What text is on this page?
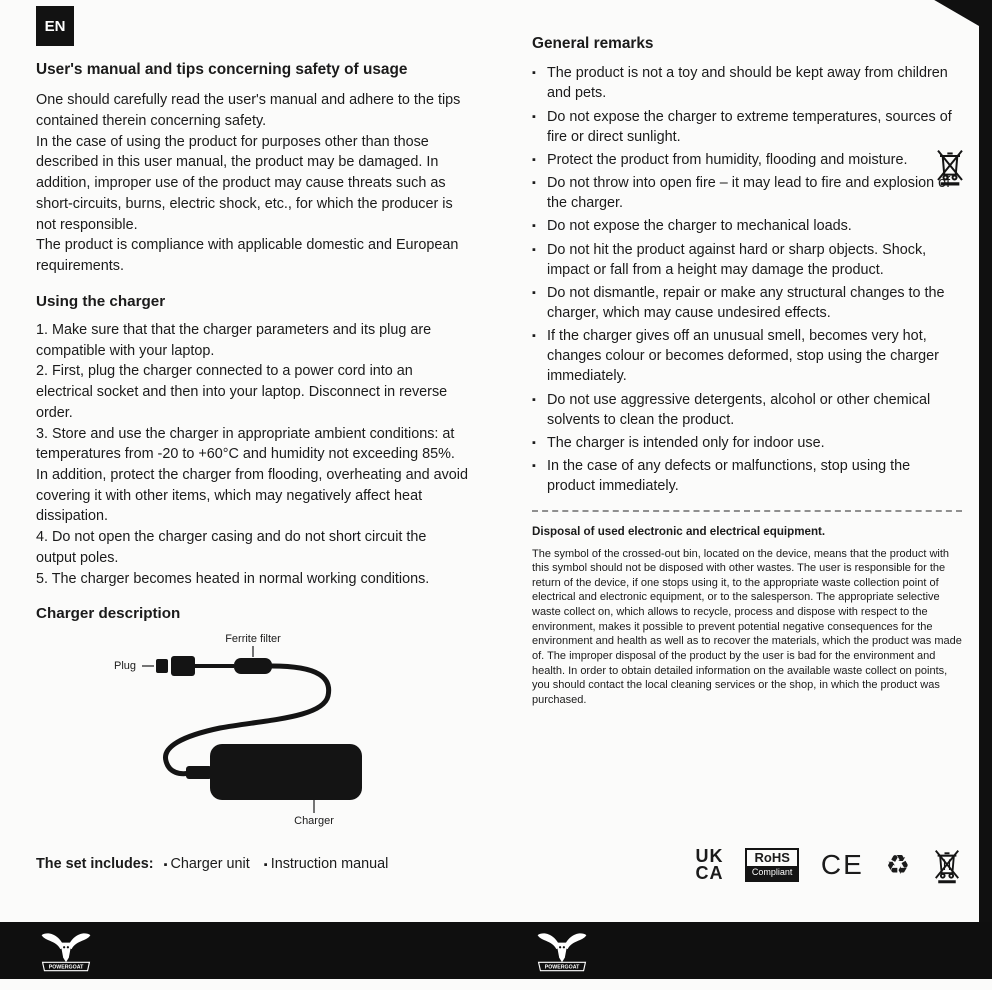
EN
User's manual and tips concerning safety of usage

One should carefully read the user's manual and adhere to the tips contained therein concerning safety.

In the case of using the product for purposes other than those described in this user manual, the product may be damaged. In addition, improper use of the product may cause threats such as short-circuits, burns, electric shock, etc., for which the producer is not responsible.

The product is compliance with applicable domestic and European requirements.

Using the charger

1. Make sure that that the charger parameters and its plug are compatible with your laptop.

2. First, plug the charger connected to a power cord into an electrical socket and then into your laptop. Disconnect in reverse order.

3. Store and use the charger in appropriate ambient conditions: at temperatures from -20 to +60°C and humidity not exceeding 85%. In addition, protect the charger from flooding, overheating and avoid covering it with other items, which may negatively affect heat dissipation.

4. Do not open the charger casing and do not short circuit the output poles.

5. The charger becomes heated in normal working conditions.

Charger description
Ferrite filter
Plug
Charger
The set includes: ▪ Charger unit ▪ Instruction manual
General remarks
▪ The product is not a toy and should be kept away from children and pets.
▪ Do not expose the charger to extreme temperatures, sources of fire or direct sunlight.
▪ Protect the product from humidity, flooding and moisture.
▪ Do not throw into open fire – it may lead to fire and explosion of the charger.
▪ Do not expose the charger to mechanical loads.
▪ Do not hit the product against hard or sharp objects. Shock, impact or fall from a height may damage the product.
▪ Do not dismantle, repair or make any structural changes to the charger, which may cause undesired effects.
▪ If the charger gives off an unusual smell, becomes very hot, changes colour or becomes deformed, stop using the charger immediately.
▪ Do not use aggressive detergents, alcohol or other chemical solvents to clean the product.
▪ The charger is intended only for indoor use.
▪ In the case of any defects or malfunctions, stop using the product immediately.
Disposal of used electronic and electrical equipment.

The symbol of the crossed-out bin, located on the device, means that the product with this symbol should not be disposed with other wastes. The user is responsible for the return of the device, if one stops using it, to the appropriate waste collection point of electrical and electronic equipment, or to the salesperson. The appropriate selective waste collect on, which allows to recycle, process and dispose with respect to the environment, makes it possible to prevent potential negative consequences for the environment and health as well as to recover the materials, which the product was made of. The improper disposal of the product by the user is bad for the environment and health. In order to obtain detailed information on the available waste collect on points, you should contact the local cleaning services or the shop, in which the product was purchased.

UK
CA
RoHS
Compliant CE ♻
POWERGOAT	POWERGOAT
